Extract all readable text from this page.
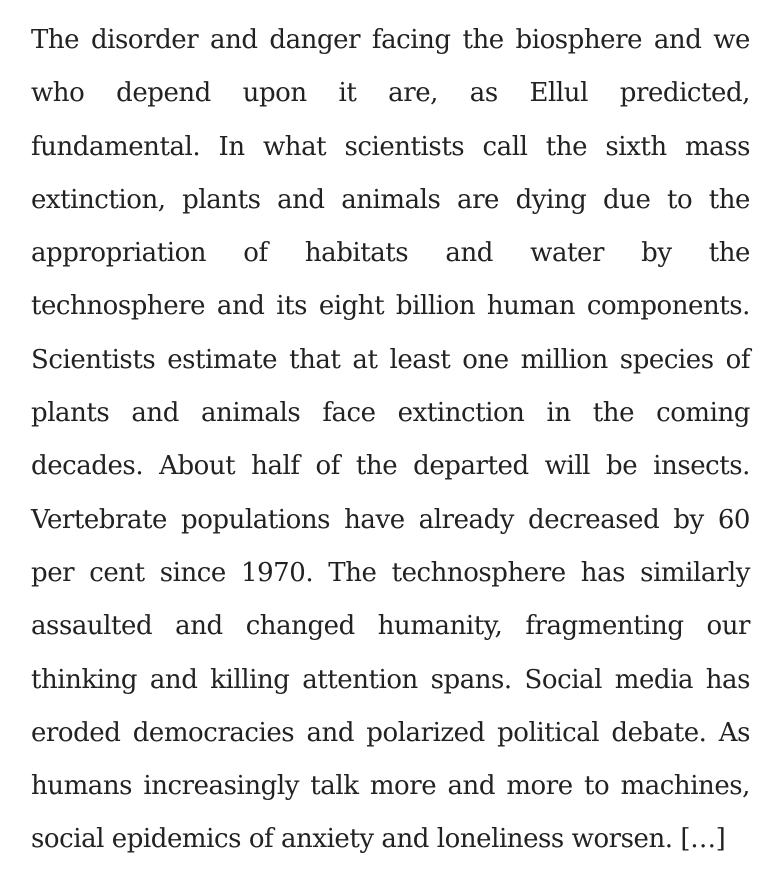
The disorder and danger facing the biosphere and we who depend upon it are, as Ellul predicted, fundamental. In what scientists call the sixth mass extinction, plants and animals are dying due to the appropriation of habitats and water by the technosphere and its eight billion human components. Scientists estimate that at least one million species of plants and animals face extinction in the coming decades. About half of the departed will be insects. Vertebrate populations have already decreased by 60 per cent since 1970. The technosphere has similarly assaulted and changed humanity, fragmenting our thinking and killing attention spans. Social media has eroded democracies and polarized political debate. As humans increasingly talk more and more to machines, social epidemics of anxiety and loneliness worsen. […]
